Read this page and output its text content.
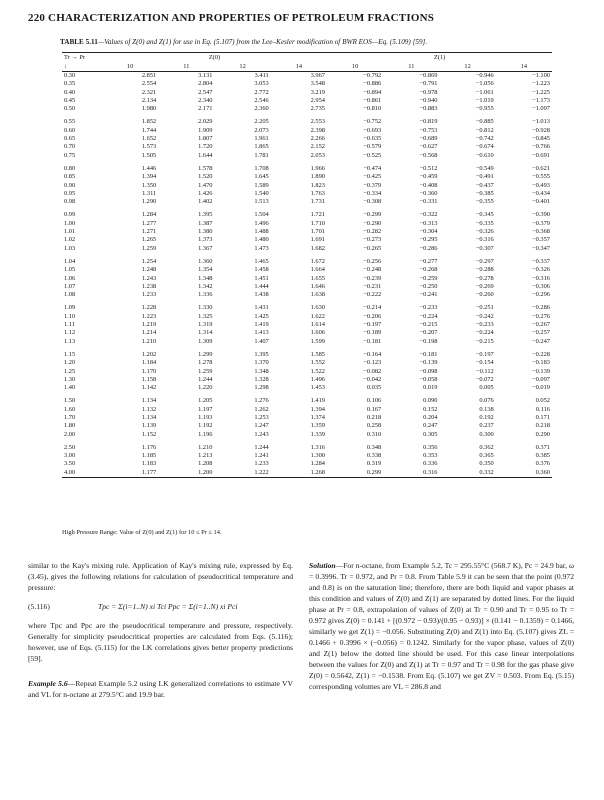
220 CHARACTERIZATION AND PROPERTIES OF PETROLEUM FRACTIONS
TABLE 5.11—Values of Z(0) and Z(1) for use in Eq. (5.107) from the Lee–Kesler modification of BWR EOS—Eq. (5.109) [59].
Tr → Pr	Z(0)				Z(1)			
↓	10	11	12	14	10	11	12	14
0.30	2.851	3.131	3.411	3.967	−0.792	−0.869	−0.946	−1.100
0.35	2.554	2.804	3.053	3.548	−0.886	−0.791	−1.056	−1.223
0.40	2.321	2.547	2.772	3.219	−0.894	−0.978	−1.061	−1.225
0.45	2.134	2.340	2.546	2.954	−0.861	−0.940	−1.019	−1.173
0.50	1.980	2.171	2.360	2.735	−0.810	−0.883	−0.955	−1.097

0.55	1.852	2.029	2.205	2.553	−0.752	−0.819	−0.885	−1.013
0.60	1.744	1.909	2.073	2.398	−0.693	−0.753	−0.812	−0.928
0.65	1.652	1.807	1.961	2.266	−0.635	−0.689	−0.742	−0.845
0.70	1.573	1.720	1.865	2.152	−0.579	−0.627	−0.674	−0.766
0.75	1.505	1.644	1.781	2.053	−0.525	−0.568	−0.610	−0.691

0.80	1.446	1.578	1.708	1.966	−0.474	−0.512	−0.549	−0.621
0.85	1.394	1.520	1.645	1.890	−0.425	−0.459	−0.491	−0.555
0.90	1.350	1.470	1.589	1.823	−0.379	−0.408	−0.437	−0.493
0.95	1.311	1.426	1.540	1.763	−0.334	−0.360	−0.385	−0.434
0.98	1.290	1.402	1.513	1.731	−0.308	−0.331	−0.355	−0.401

0.99	1.284	1.395	1.504	1.721	−0.299	−0.322	−0.345	−0.390
1.00	1.277	1.387	1.496	1.710	−0.290	−0.313	−0.335	−0.379
1.01	1.271	1.380	1.488	1.701	−0.282	−0.304	−0.326	−0.368
1.02	1.265	1.373	1.480	1.691	−0.273	−0.295	−0.316	−0.357
1.03	1.259	1.367	1.473	1.682	−0.265	−0.286	−0.307	−0.347

1.04	1.254	1.360	1.465	1.672	−0.256	−0.277	−0.297	−0.337
1.05	1.248	1.354	1.458	1.664	−0.248	−0.268	−0.288	−0.326
1.06	1.243	1.348	1.451	1.655	−0.239	−0.259	−0.278	−0.316
1.07	1.238	1.342	1.444	1.646	−0.231	−0.250	−0.269	−0.306
1.08	1.233	1.336	1.438	1.638	−0.222	−0.241	−0.260	−0.296

1.09	1.228	1.330	1.431	1.630	−0.214	−0.233	−0.251	−0.286
1.10	1.223	1.325	1.425	1.622	−0.206	−0.224	−0.242	−0.276
1.11	1.219	1.319	1.419	1.614	−0.197	−0.215	−0.233	−0.267
1.12	1.214	1.314	1.413	1.606	−0.189	−0.207	−0.224	−0.257
1.13	1.210	1.309	1.407	1.599	−0.181	−0.198	−0.215	−0.247

1.15	1.202	1.299	1.395	1.585	−0.164	−0.181	−0.197	−0.228
1.20	1.184	1.278	1.370	1.552	−0.123	−0.139	−0.154	−0.183
1.25	1.170	1.259	1.348	1.522	−0.082	−0.098	−0.112	−0.139
1.30	1.158	1.244	1.328	1.496	−0.042	−0.058	−0.072	−0.097
1.40	1.142	1.220	1.298	1.453	0.035	0.019	0.005	−0.019

1.50	1.134	1.205	1.276	1.419	0.106	0.090	0.076	0.052
1.60	1.132	1.197	1.262	1.394	0.167	0.152	0.138	0.116
1.70	1.134	1.193	1.253	1.374	0.218	0.204	0.192	0.171
1.80	1.139	1.192	1.247	1.359	0.258	0.247	0.237	0.218
2.00	1.152	1.196	1.243	1.339	0.310	0.305	0.300	0.290

2.50	1.176	1.210	1.244	1.316	0.348	0.356	0.362	0.371
3.00	1.185	1.213	1.241	1.300	0.338	0.353	0.365	0.385
3.50	1.183	1.208	1.233	1.284	0.319	0.336	0.350	0.376
4.00	1.177	1.200	1.222	1.268	0.299	0.316	0.332	0.360
High Pressure Range: Value of Z(0) and Z(1) for 10 ≤ Pr ≤ 14.

similar to the Kay's mixing rule. Application of Kay's mixing rule, expressed by Eq. (3.45), gives the following relations for calculation of pseudocritical temperature and pressure:

(5.116)	Tpc = Σ(i=1..N) xi Tci Ppc = Σ(i=1..N) xi Pci

where Tpc and Ppc are the pseudocritical temperature and pressure, respectively. Generally for simplicity pseudocritical properties are calculated from Eqs. (5.116); however, use of Eqs. (5.115) for the LK correlations gives better property predictions [59].

Example 5.6—Repeat Example 5.2 using LK generalized correlations to estimate VV and VL for n-octane at 279.5°C and 19.9 bar.

Solution—For n-octane, from Example 5.2, Tc = 295.55°C (568.7 K), Pc = 24.9 bar, ω = 0.3996. Tr = 0.972, and Pr = 0.8. From Table 5.9 it can be seen that the point (0.972 and 0.8) is on the saturation line; therefore, there are both liquid and vapor phases at this condition and values of Z(0) and Z(1) are separated by dotted lines. For the liquid phase at Pr = 0.8, extrapolation of values of Z(0) at Tr = 0.90 and Tr = 0.95 to Tr = 0.972 gives Z(0) = 0.141 + [(0.972 − 0.93)/(0.95 − 0.93)] × (0.141 − 0.1359) = 0.1466, similarly we get Z(1) = −0.056. Substituting Z(0) and Z(1) into Eq. (5.107) gives ZL = 0.1466 + 0.3996 × (−0.056) = 0.1242. Similarly for the vapor phase, values of Z(0) and Z(1) below the dotted line should be used. For this case linear interpolations between the values for Z(0) and Z(1) at Tr = 0.97 and Tr = 0.98 for the gas phase give Z(0) = 0.5642, Z(1) = −0.1538. From Eq. (5.107) we get ZV = 0.503. From Eq. (5.15) corresponding volumes are VL = 286.8 and
